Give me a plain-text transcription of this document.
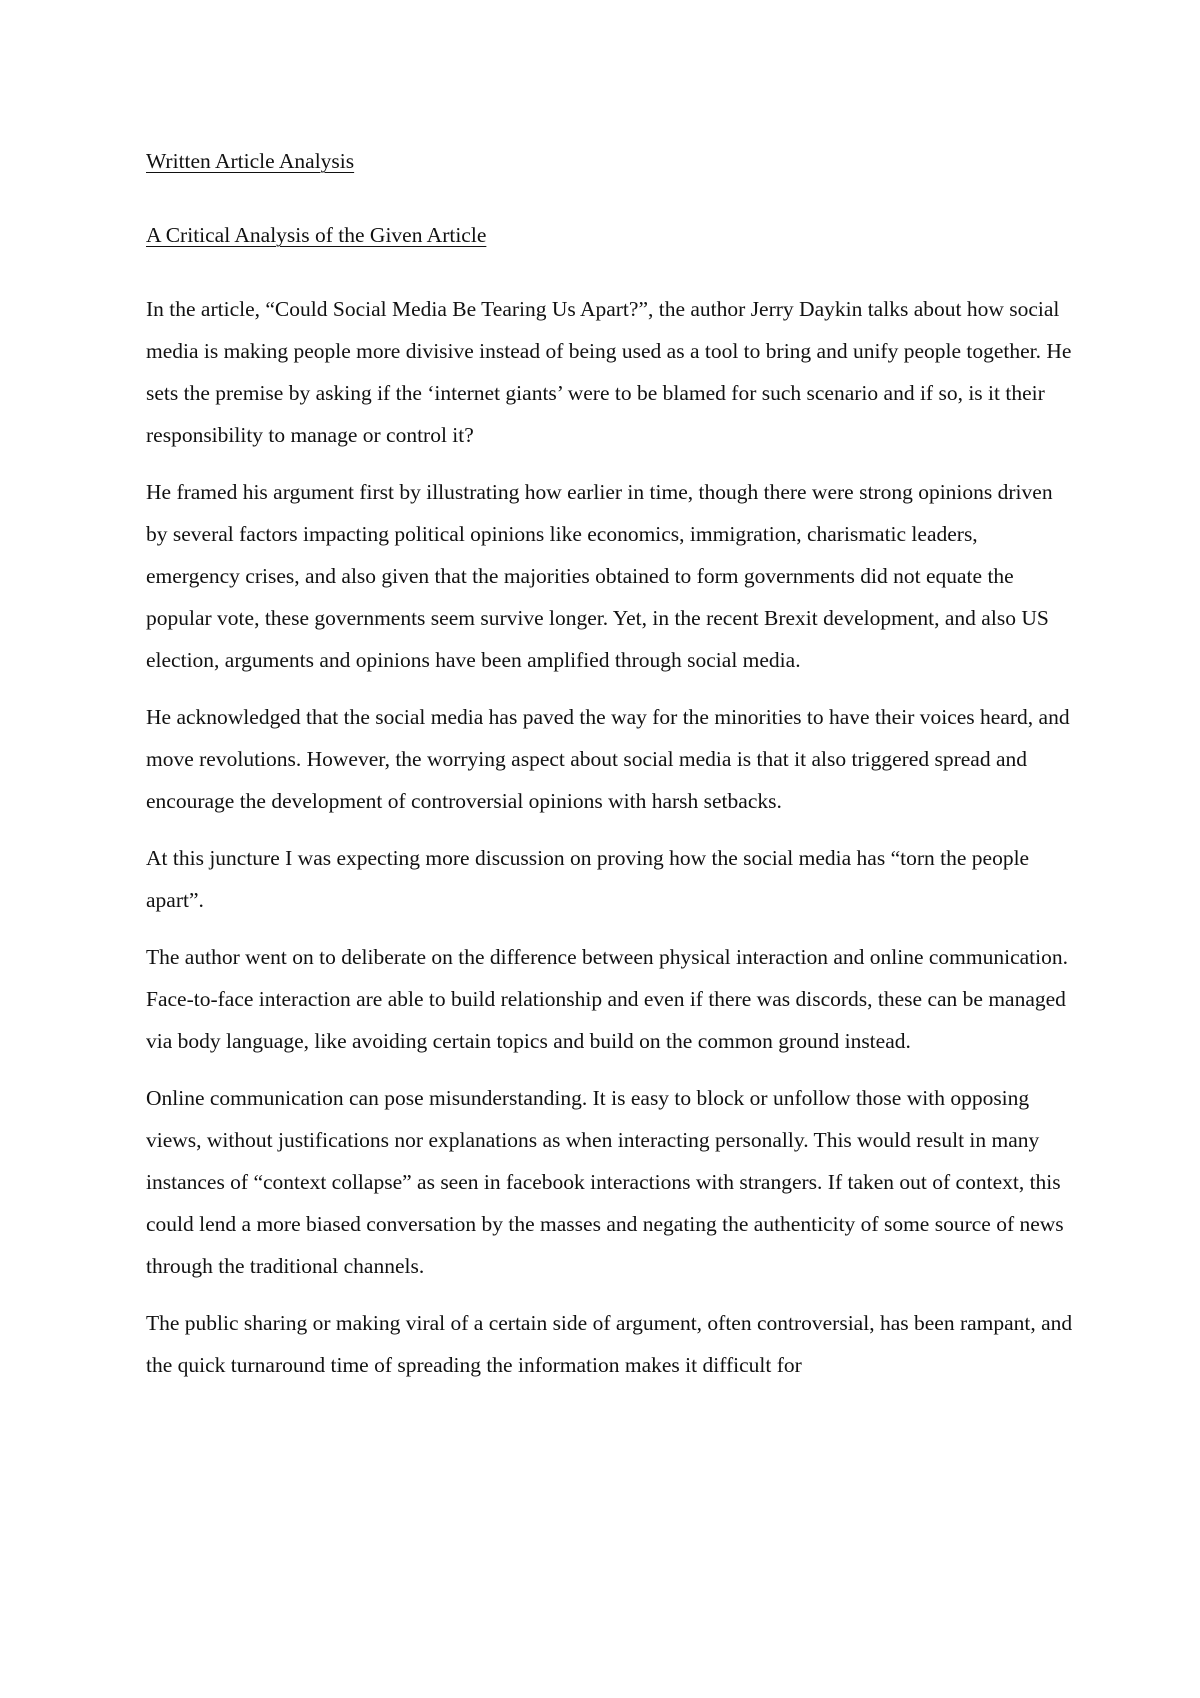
Written Article Analysis
A Critical Analysis of the Given Article

In the article, “Could Social Media Be Tearing Us Apart?”, the author Jerry Daykin talks about how social media is making people more divisive instead of being used as a tool to bring and unify people together. He sets the premise by asking if the ‘internet giants’ were to be blamed for such scenario and if so, is it their responsibility to manage or control it?

He framed his argument first by illustrating how earlier in time, though there were strong opinions driven by several factors impacting political opinions like economics, immigration, charismatic leaders, emergency crises, and also given that the majorities obtained to form governments did not equate the popular vote, these governments seem survive longer. Yet, in the recent Brexit development, and also US election, arguments and opinions have been amplified through social media.

He acknowledged that the social media has paved the way for the minorities to have their voices heard, and move revolutions. However, the worrying aspect about social media is that it also triggered spread and encourage the development of controversial opinions with harsh setbacks.

At this juncture I was expecting more discussion on proving how the social media has “torn the people apart”.

The author went on to deliberate on the difference between physical interaction and online communication. Face-to-face interaction are able to build relationship and even if there was discords, these can be managed via body language, like avoiding certain topics and build on the common ground instead.

Online communication can pose misunderstanding. It is easy to block or unfollow those with opposing views, without justifications nor explanations as when interacting personally. This would result in many instances of “context collapse” as seen in facebook interactions with strangers. If taken out of context, this could lend a more biased conversation by the masses and negating the authenticity of some source of news through the traditional channels.

The public sharing or making viral of a certain side of argument, often controversial, has been rampant, and the quick turnaround time of spreading the information makes it difficult for
